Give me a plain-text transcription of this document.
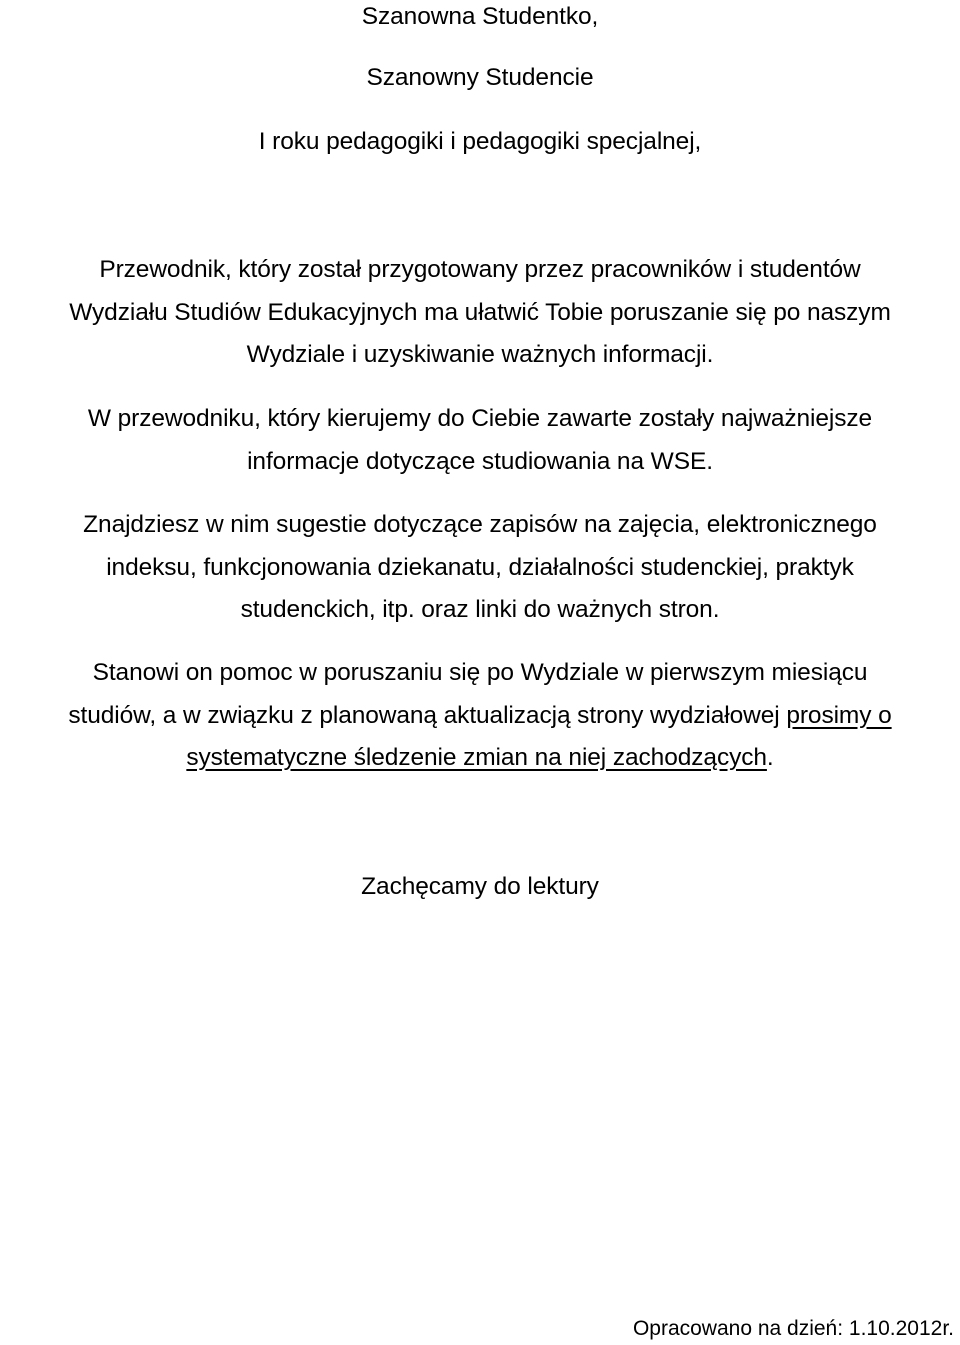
Szanowna Studentko,

Szanowny Studencie

I roku pedagogiki i pedagogiki specjalnej,

Przewodnik, który został przygotowany przez pracowników i studentów
Wydziału Studiów Edukacyjnych ma ułatwić Tobie poruszanie się po naszym
Wydziale i uzyskiwanie ważnych informacji.
W przewodniku, który kierujemy do Ciebie zawarte zostały najważniejsze
informacje dotyczące studiowania na WSE.
Znajdziesz w nim sugestie dotyczące zapisów na zajęcia, elektronicznego
indeksu, funkcjonowania dziekanatu, działalności studenckiej, praktyk
studenckich, itp. oraz linki do ważnych stron.
Stanowi on pomoc w poruszaniu się po Wydziale w pierwszym miesiącu
studiów, a w związku z planowaną aktualizacją strony wydziałowej prosimy o
systematyczne śledzenie zmian na niej zachodzących.

Zachęcamy do lektury

Opracowano na dzień: 1.10.2012r.
